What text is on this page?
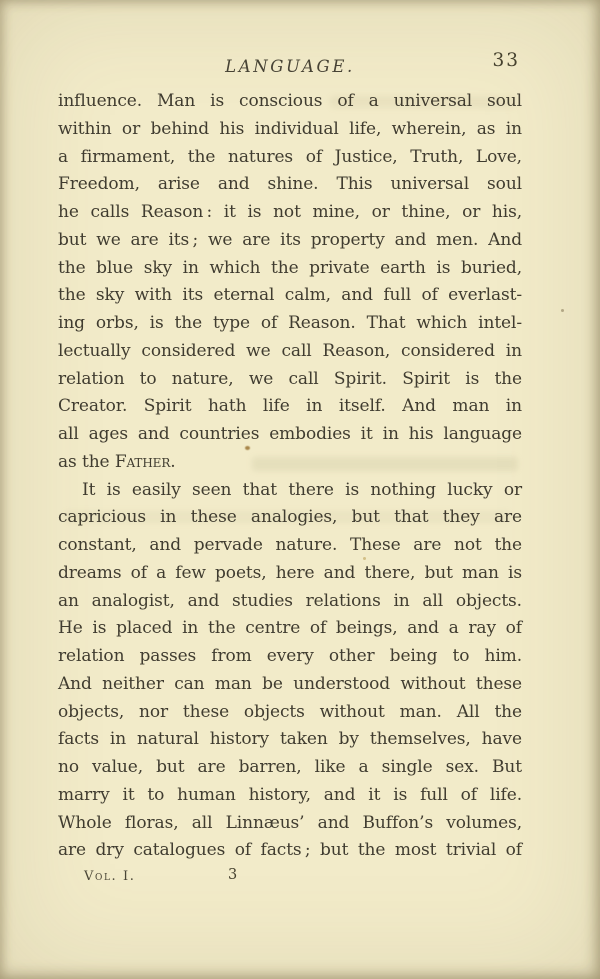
LANGUAGE.	33
influence. Man is conscious of a universal soul
within or behind his individual life, wherein, as in
a firmament, the natures of Justice, Truth, Love,
Freedom, arise and shine. This universal soul
he calls Reason : it is not mine, or thine, or his,
but we are its ; we are its property and men. And
the blue sky in which the private earth is buried,
the sky with its eternal calm, and full of everlast-
ing orbs, is the type of Reason. That which intel-
lectually considered we call Reason, considered in
relation to nature, we call Spirit. Spirit is the
Creator. Spirit hath life in itself. And man in
all ages and countries embodies it in his language
as the Father.
It is easily seen that there is nothing lucky or
capricious in these analogies, but that they are
constant, and pervade nature. These are not the
dreams of a few poets, here and there, but man is
an analogist, and studies relations in all objects.
He is placed in the centre of beings, and a ray of
relation passes from every other being to him.
And neither can man be understood without these
objects, nor these objects without man. All the
facts in natural history taken by themselves, have
no value, but are barren, like a single sex. But
marry it to human history, and it is full of life.
Whole floras, all Linnæus’ and Buffon’s volumes,
are dry catalogues of facts ; but the most trivial of
Vol. I.	3
